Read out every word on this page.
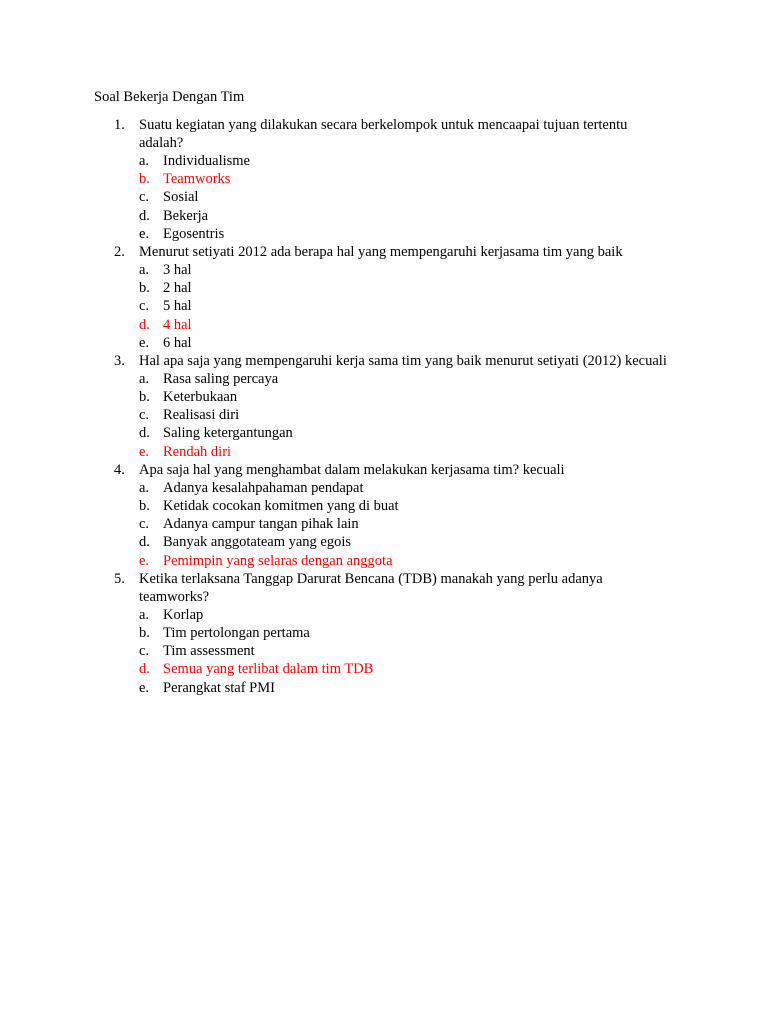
Soal Bekerja Dengan Tim
1. Suatu kegiatan yang dilakukan secara berkelompok untuk mencaapai tujuan tertentu adalah?
a. Individualisme
b. Teamworks
c. Sosial
d. Bekerja
e. Egosentris
2. Menurut setiyati 2012 ada berapa hal yang mempengaruhi kerjasama tim yang baik
a. 3 hal
b. 2 hal
c. 5 hal
d. 4 hal
e. 6 hal
3. Hal apa saja yang mempengaruhi kerja sama tim yang baik menurut setiyati (2012) kecuali
a. Rasa saling percaya
b. Keterbukaan
c. Realisasi diri
d. Saling ketergantungan
e. Rendah diri
4. Apa saja hal yang menghambat dalam melakukan kerjasama tim? kecuali
a. Adanya kesalahpahaman pendapat
b. Ketidak cocokan komitmen yang di buat
c. Adanya campur tangan pihak lain
d. Banyak anggotateam yang egois
e. Pemimpin yang selaras dengan anggota
5. Ketika terlaksana Tanggap Darurat Bencana (TDB) manakah yang perlu adanya teamworks?
a. Korlap
b. Tim pertolongan pertama
c. Tim assessment
d. Semua yang terlibat dalam tim TDB
e. Perangkat staf PMI
